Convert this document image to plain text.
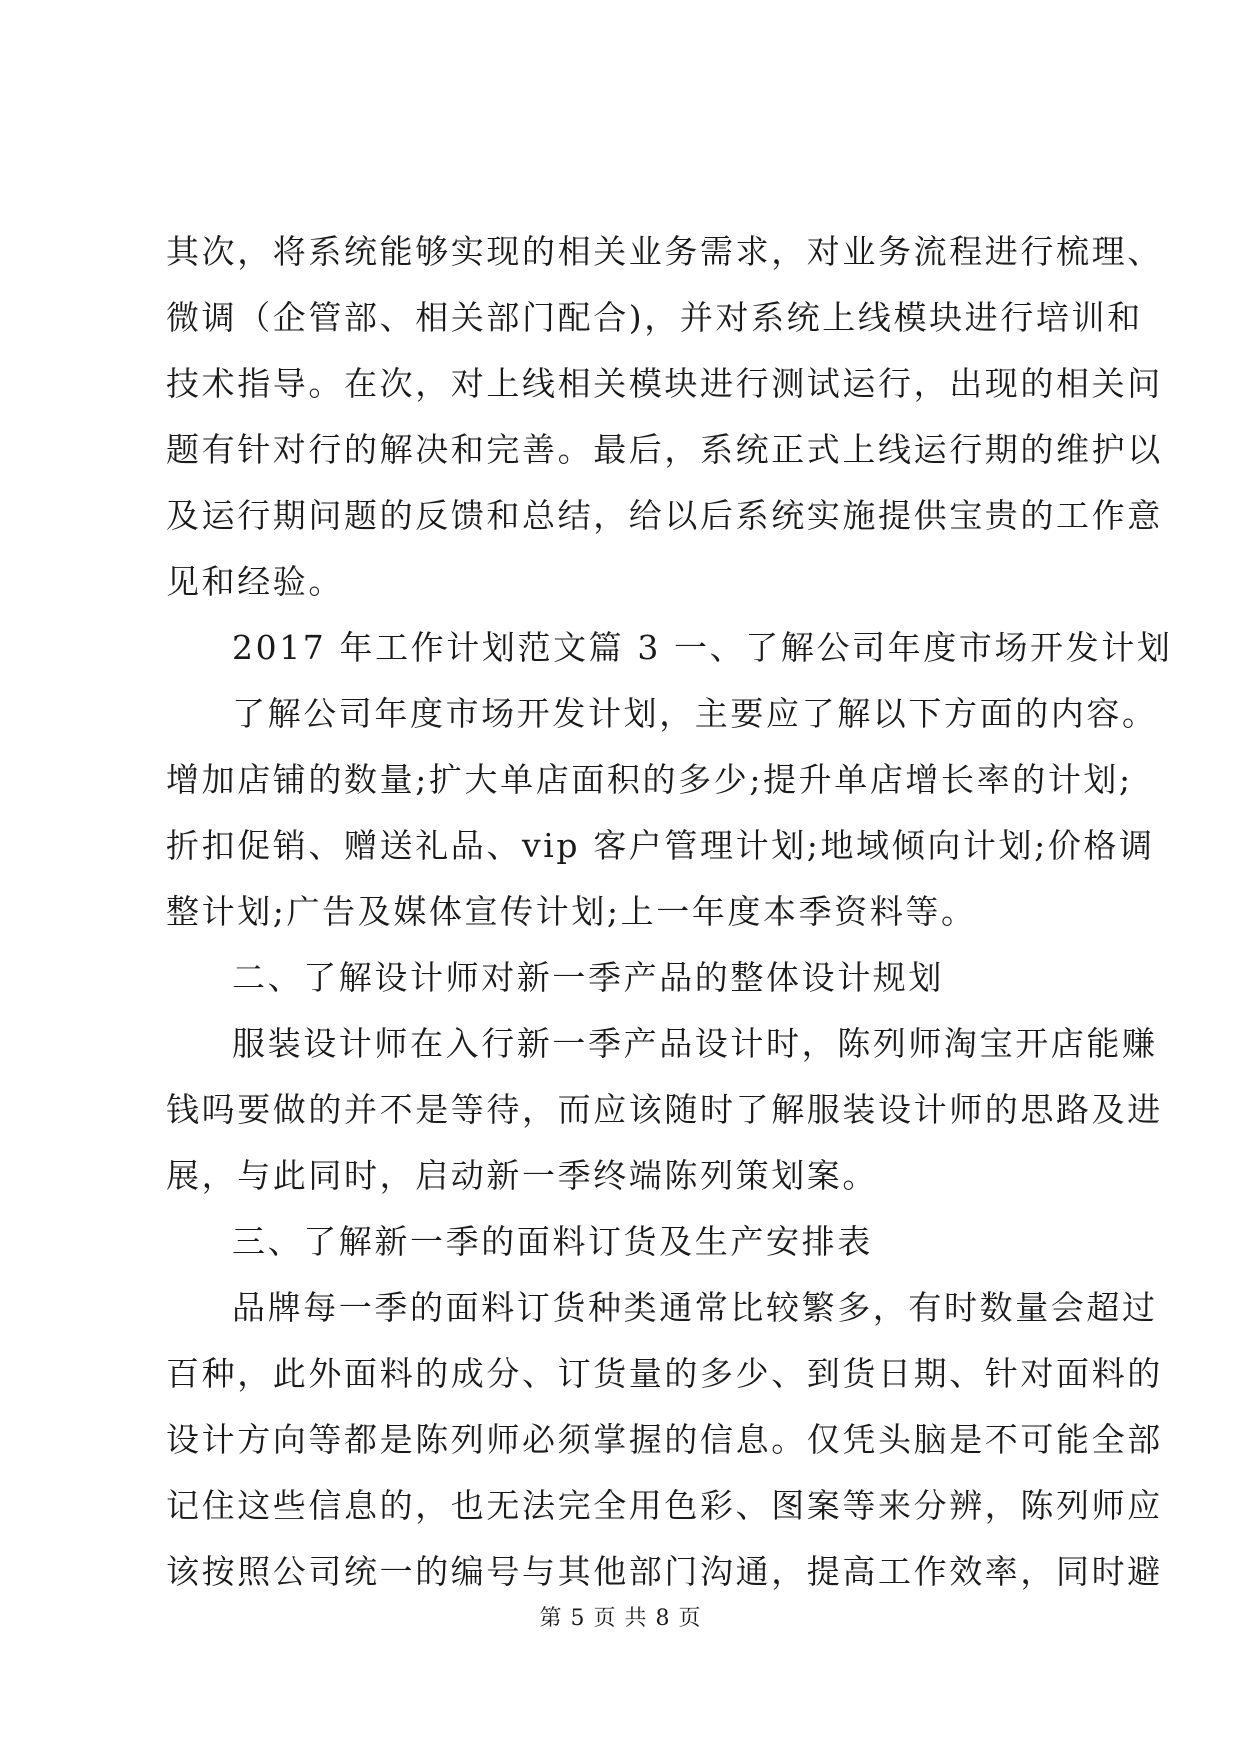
其次，将系统能够实现的相关业务需求，对业务流程进行梳理、
微调（企管部、相关部门配合)，并对系统上线模块进行培训和
技术指导。在次，对上线相关模块进行测试运行，出现的相关问
题有针对行的解决和完善。最后，系统正式上线运行期的维护以
及运行期问题的反馈和总结，给以后系统实施提供宝贵的工作意
见和经验。
2017 年工作计划范文篇 3 一、了解公司年度市场开发计划
了解公司年度市场开发计划，主要应了解以下方面的内容。
增加店铺的数量;扩大单店面积的多少;提升单店增长率的计划;
折扣促销、赠送礼品、vip 客户管理计划;地域倾向计划;价格调
整计划;广告及媒体宣传计划;上一年度本季资料等。
二、了解设计师对新一季产品的整体设计规划
服装设计师在入行新一季产品设计时，陈列师淘宝开店能赚
钱吗要做的并不是等待，而应该随时了解服装设计师的思路及进
展，与此同时，启动新一季终端陈列策划案。
三、了解新一季的面料订货及生产安排表
品牌每一季的面料订货种类通常比较繁多，有时数量会超过
百种，此外面料的成分、订货量的多少、到货日期、针对面料的
设计方向等都是陈列师必须掌握的信息。仅凭头脑是不可能全部
记住这些信息的，也无法完全用色彩、图案等来分辨，陈列师应
该按照公司统一的编号与其他部门沟通，提高工作效率，同时避
第 5 页 共 8 页
